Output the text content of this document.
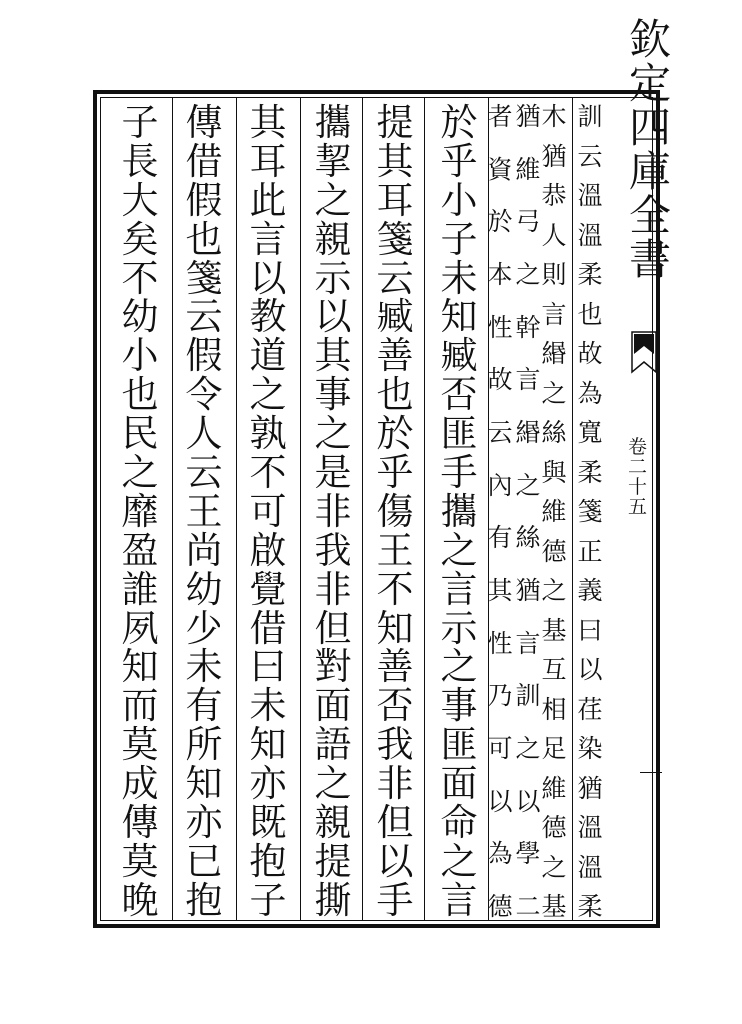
欽
定
四
庫
全
書
卷
二
十
五
訓
云
溫
溫
柔
也
故
為
寬
柔
箋
正
義
曰
以
荏
染
猶
溫
溫
柔
木
猶
恭
人
則
言
緡
之
絲
與
維
德
之
基
互
相
足
維
德
之
基
猶
維
弓
之
幹
言
緡
之
絲
猶
言
訓
之
以
學
二
者
資
於
本
性
故
云
內
有
其
性
乃
可
以
為
德
於
乎
小
子
未
知
臧
否
匪
手
攜
之
言
示
之
事
匪
面
命
之
言
提
其
耳
箋
云
臧
善
也
於
乎
傷
王
不
知
善
否
我
非
但
以
手
攜
挈
之
親
示
以
其
事
之
是
非
我
非
但
對
面
語
之
親
提
撕
其
耳
此
言
以
教
道
之
孰
不
可
啟
覺
借
曰
未
知
亦
既
抱
子
傳
借
假
也
箋
云
假
令
人
云
王
尚
幼
少
未
有
所
知
亦
已
抱
子
長
大
矣
不
幼
小
也
民
之
靡
盈
誰
夙
知
而
莫
成
傳
莫
晚
